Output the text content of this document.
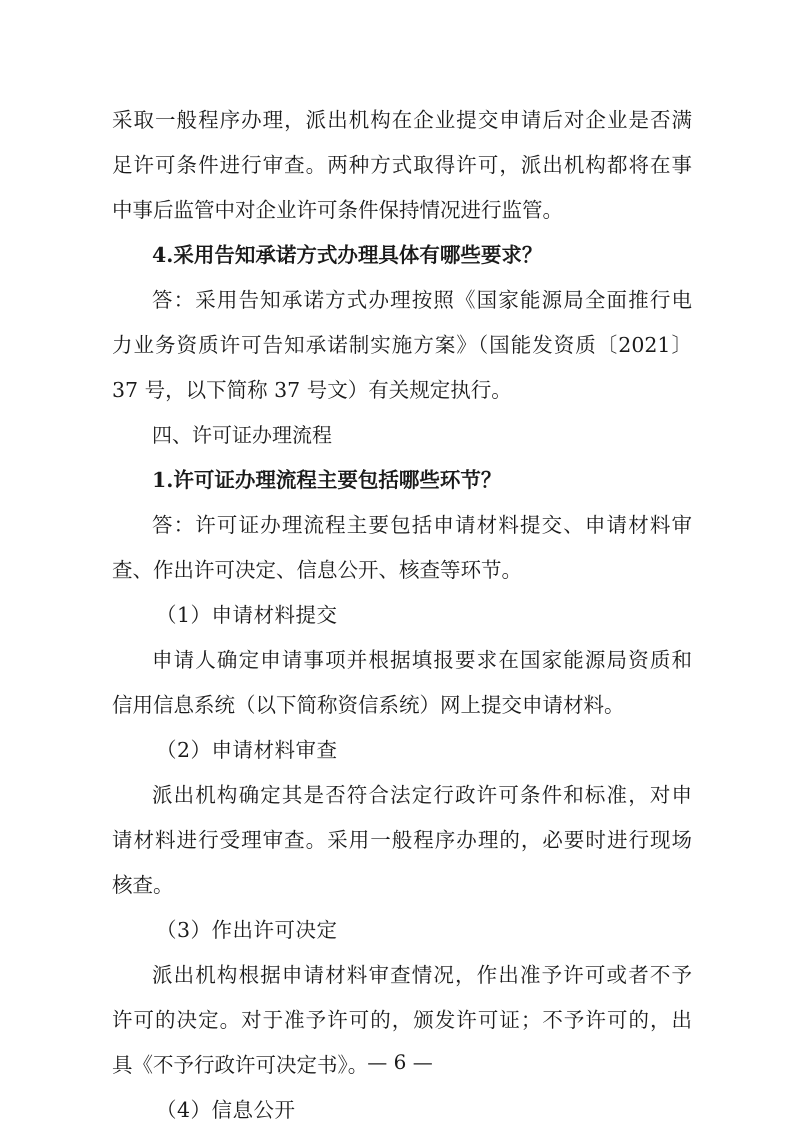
采取一般程序办理，派出机构在企业提交申请后对企业是否满
足许可条件进行审查。两种方式取得许可，派出机构都将在事
中事后监管中对企业许可条件保持情况进行监管。
4.采用告知承诺方式办理具体有哪些要求？
答：采用告知承诺方式办理按照《国家能源局全面推行电
力业务资质许可告知承诺制实施方案》（国能发资质〔2021〕
37 号，以下简称 37 号文）有关规定执行。
四、许可证办理流程
1.许可证办理流程主要包括哪些环节？
答：许可证办理流程主要包括申请材料提交、申请材料审
查、作出许可决定、信息公开、核查等环节。
（1）申请材料提交
申请人确定申请事项并根据填报要求在国家能源局资质和
信用信息系统（以下简称资信系统）网上提交申请材料。
（2）申请材料审查
派出机构确定其是否符合法定行政许可条件和标准，对申
请材料进行受理审查。采用一般程序办理的，必要时进行现场
核查。
（3）作出许可决定
派出机构根据申请材料审查情况，作出准予许可或者不予
许可的决定。对于准予许可的，颁发许可证；不予许可的，出
具《不予行政许可决定书》。
（4）信息公开
— 6 —
